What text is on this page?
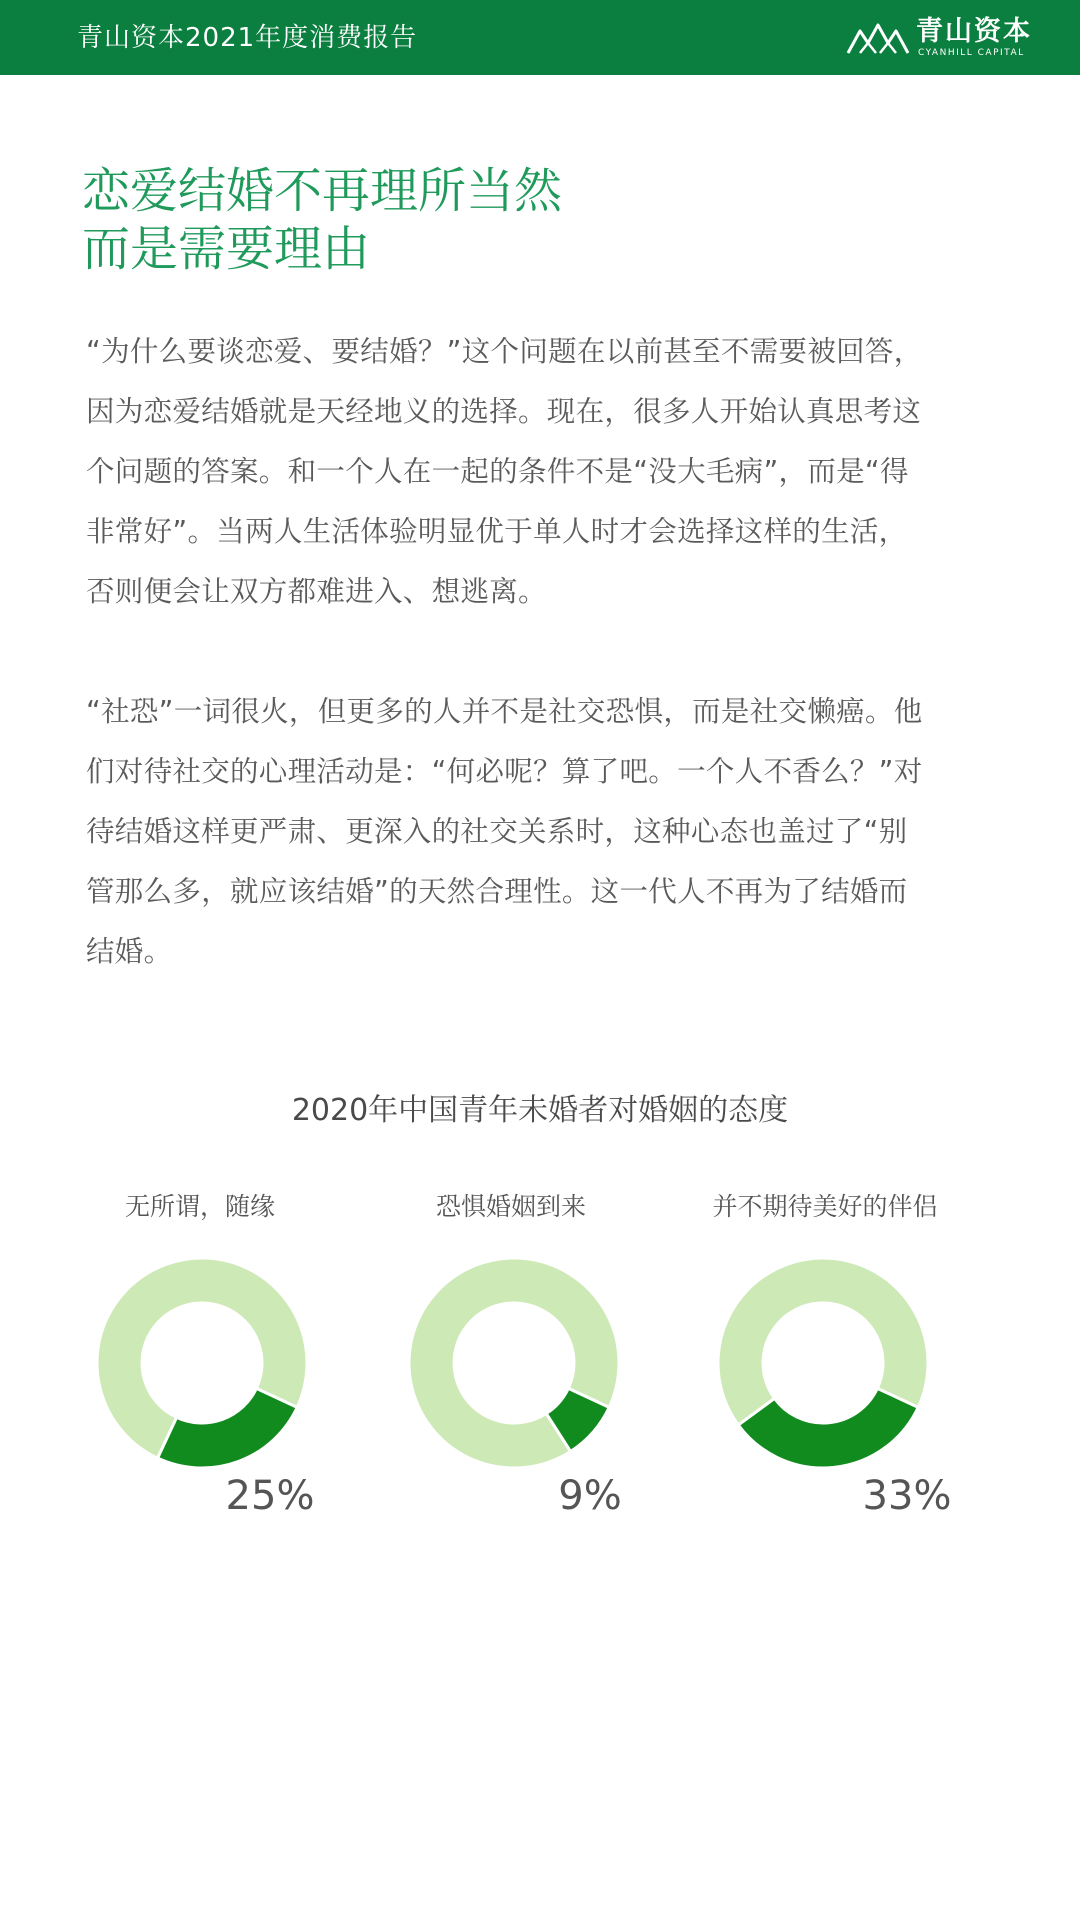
青山资本2021年度消费报告	青山资本
CYANHILL CAPITAL
恋爱结婚不再理所当然
而是需要理由
“为什么要谈恋爱、要结婚？”这个问题在以前甚至不需要被回答，
因为恋爱结婚就是天经地义的选择。现在，很多人开始认真思考这
个问题的答案。和一个人在一起的条件不是“没大毛病”，而是“得
非常好”。当两人生活体验明显优于单人时才会选择这样的生活，
否则便会让双方都难进入、想逃离。
“社恐”一词很火，但更多的人并不是社交恐惧，而是社交懒癌。他
们对待社交的心理活动是：“何必呢？算了吧。一个人不香么？”对
待结婚这样更严肃、更深入的社交关系时，这种心态也盖过了“别
管那么多，就应该结婚”的天然合理性。这一代人不再为了结婚而
结婚。
2020年中国青年未婚者对婚姻的态度
无所谓，随缘
25%
恐惧婚姻到来
9%
并不期待美好的伴侣
33%
